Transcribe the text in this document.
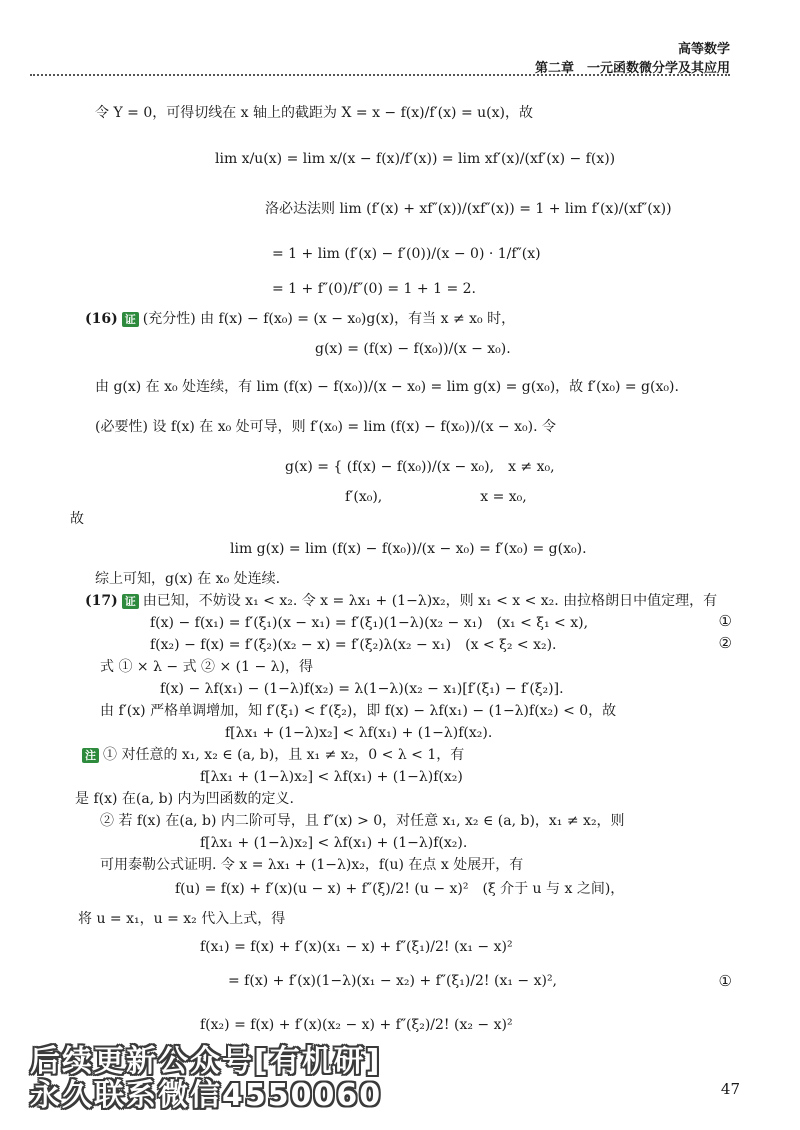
高等数学
第二章　一元函数微分学及其应用
令 Y = 0，可得切线在 x 轴上的截距为 X = x − f(x)/f′(x) = u(x)，故
lim x/u(x) = lim x/(x − f(x)/f′(x)) = lim xf′(x)/(xf′(x) − f(x))
洛必达法则 lim (f′(x) + xf″(x))/(xf″(x)) = 1 + lim f′(x)/(xf″(x))
= 1 + lim (f′(x) − f′(0))/(x − 0) · 1/f″(x)
= 1 + f″(0)/f″(0) = 1 + 1 = 2.
(16) 证 (充分性) 由 f(x) − f(x₀) = (x − x₀)g(x)，有当 x ≠ x₀ 时，
g(x) = (f(x) − f(x₀))/(x − x₀).
由 g(x) 在 x₀ 处连续，有 lim (f(x) − f(x₀))/(x − x₀) = lim g(x) = g(x₀)，故 f′(x₀) = g(x₀).
(必要性) 设 f(x) 在 x₀ 处可导，则 f′(x₀) = lim (f(x) − f(x₀))/(x − x₀). 令
g(x) = { (f(x) − f(x₀))/(x − x₀),　x ≠ x₀,
f′(x₀),　　　　　　　x = x₀,
故
lim g(x) = lim (f(x) − f(x₀))/(x − x₀) = f′(x₀) = g(x₀).
综上可知，g(x) 在 x₀ 处连续.
(17) 证 由已知，不妨设 x₁ < x₂. 令 x = λx₁ + (1−λ)x₂，则 x₁ < x < x₂. 由拉格朗日中值定理，有
f(x) − f(x₁) = f′(ξ₁)(x − x₁) = f′(ξ₁)(1−λ)(x₂ − x₁)　(x₁ < ξ₁ < x),	①
f(x₂) − f(x) = f′(ξ₂)(x₂ − x) = f′(ξ₂)λ(x₂ − x₁)　(x < ξ₂ < x₂).	②
式 ① × λ − 式 ② × (1 − λ)，得
f(x) − λf(x₁) − (1−λ)f(x₂) = λ(1−λ)(x₂ − x₁)[f′(ξ₁) − f′(ξ₂)].
由 f′(x) 严格单调增加，知 f′(ξ₁) < f′(ξ₂)，即 f(x) − λf(x₁) − (1−λ)f(x₂) < 0，故
f[λx₁ + (1−λ)x₂] < λf(x₁) + (1−λ)f(x₂).
注 ① 对任意的 x₁, x₂ ∈ (a, b)，且 x₁ ≠ x₂，0 < λ < 1，有
f[λx₁ + (1−λ)x₂] < λf(x₁) + (1−λ)f(x₂)
是 f(x) 在(a, b) 内为凹函数的定义.
② 若 f(x) 在(a, b) 内二阶可导，且 f″(x) > 0，对任意 x₁, x₂ ∈ (a, b)，x₁ ≠ x₂，则
f[λx₁ + (1−λ)x₂] < λf(x₁) + (1−λ)f(x₂).
可用泰勒公式证明. 令 x = λx₁ + (1−λ)x₂，f(u) 在点 x 处展开，有
f(u) = f(x) + f′(x)(u − x) + f″(ξ)/2! (u − x)²　(ξ 介于 u 与 x 之间)，
将 u = x₁，u = x₂ 代入上式，得
f(x₁) = f(x) + f′(x)(x₁ − x) + f″(ξ₁)/2! (x₁ − x)²
= f(x) + f′(x)(1−λ)(x₁ − x₂) + f″(ξ₁)/2! (x₁ − x)²,	①
f(x₂) = f(x) + f′(x)(x₂ − x) + f″(ξ₂)/2! (x₂ − x)²
后续更新公众号[有机研]
永久联系微信4550060	47
